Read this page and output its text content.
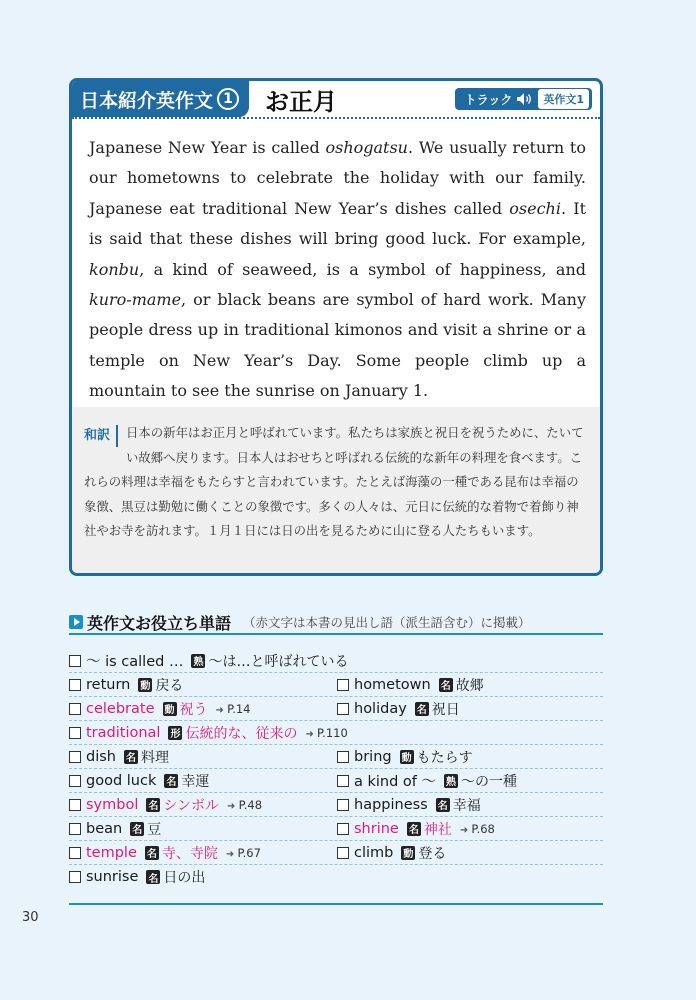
日本紹介英作文 1	お正月	トラック	英作文1

Japanese New Year is called oshogatsu. We usually return to our hometowns to celebrate the holiday with our family. Japanese eat traditional New Year’s dishes called osechi. It is said that these dishes will bring good luck. For example, konbu, a kind of seaweed, is a symbol of happiness, and kuro-mame, or black beans are symbol of hard work. Many people dress up in traditional kimonos and visit a shrine or a temple on New Year’s Day. Some people climb up a mountain to see the sunrise on January 1.

和訳	日本の新年はお正月と呼ばれています。私たちは家族と祝日を祝うために、たいてい故郷へ戻ります。日本人はおせちと呼ばれる伝統的な新年の料理を食べます。これらの料理は幸福をもたらすと言われています。たとえば海藻の一種である昆布は幸福の象徴、黒豆は勤勉に働くことの象徴です。多くの人々は、元日に伝統的な着物で着飾り神社やお寺を訪れます。１月１日には日の出を見るために山に登る人たちもいます。

英作文お役立ち単語 （赤文字は本書の見出し語（派生語含む）に掲載）
～ is called … 熟 ～は…と呼ばれている
return 動 戻る	hometown 名 故郷
celebrate 動 祝う	➜ P.14	holiday 名 祝日
traditional 形 伝統的な、従来の	➜ P.110
dish 名 料理	bring 動 もたらす
good luck 名 幸運	a kind of ～ 熟 ～の一種
symbol 名 シンボル	➜ P.48	happiness 名 幸福
bean 名 豆	shrine 名 神社	➜ P.68
temple 名 寺、寺院	➜ P.67	climb 動 登る
sunrise 名 日の出
30
